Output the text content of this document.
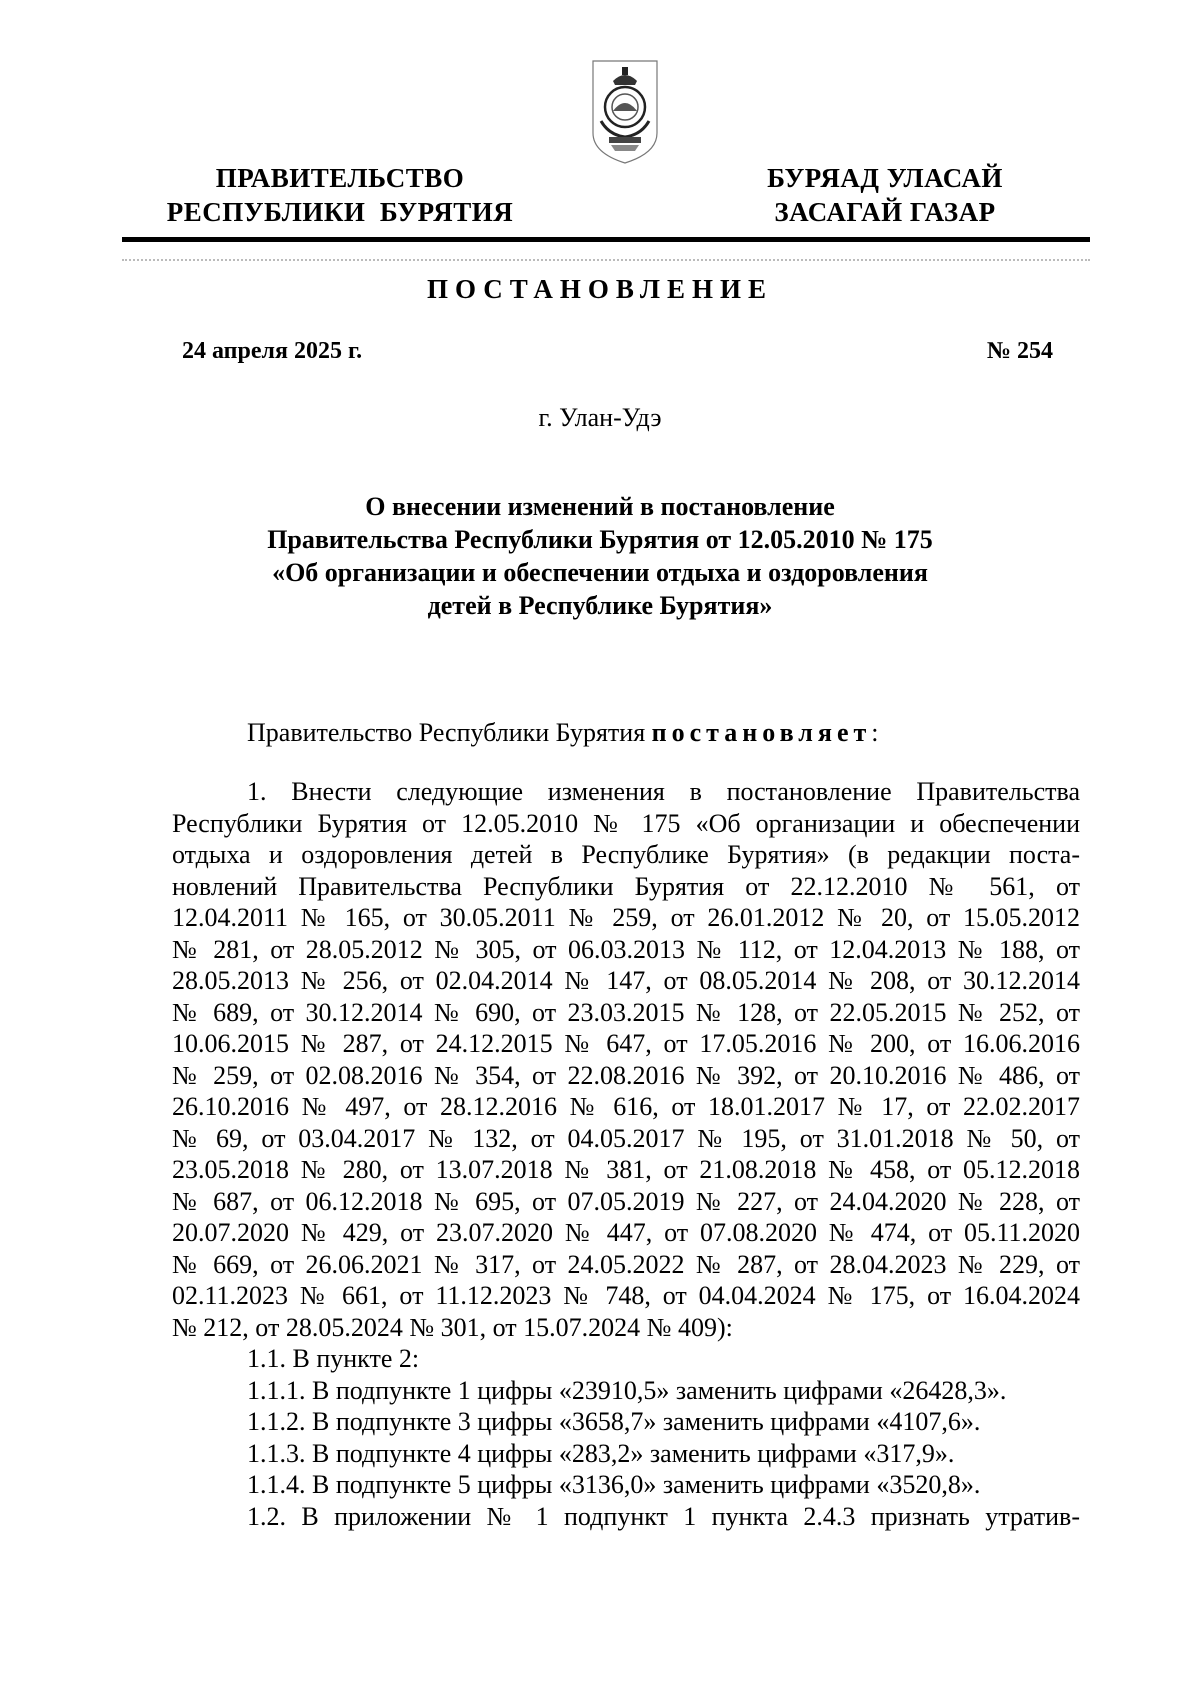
ПРАВИТЕЛЬСТВО
РЕСПУБЛИКИ  БУРЯТИЯ
БУРЯАД УЛАСАЙ
ЗАСАГАЙ ГАЗАР
ПОСТАНОВЛЕНИЕ
24 апреля 2025 г.	№ 254
г. Улан-Удэ
О внесении изменений в постановление
Правительства Республики Бурятия от 12.05.2010 № 175
«Об организации и обеспечении отдыха и оздоровления
детей в Республике Бурятия»
Правительство Республики Бурятия постановляет:
1. Внести следующие изменения в постановление Правительства
Республики Бурятия от 12.05.2010 № 175 «Об организации и обеспечении
отдыха и оздоровления детей в Республике Бурятия» (в редакции поста-
новлений Правительства Республики Бурятия от 22.12.2010 № 561, от
12.04.2011 № 165, от 30.05.2011 № 259, от 26.01.2012 № 20, от 15.05.2012
№ 281, от 28.05.2012 № 305, от 06.03.2013 № 112, от 12.04.2013 № 188, от
28.05.2013 № 256, от 02.04.2014 № 147, от 08.05.2014 № 208, от 30.12.2014
№ 689, от 30.12.2014 № 690, от 23.03.2015 № 128, от 22.05.2015 № 252, от
10.06.2015 № 287, от 24.12.2015 № 647, от 17.05.2016 № 200, от 16.06.2016
№ 259, от 02.08.2016 № 354, от 22.08.2016 № 392, от 20.10.2016 № 486, от
26.10.2016 № 497, от 28.12.2016 № 616, от 18.01.2017 № 17, от 22.02.2017
№ 69, от 03.04.2017 № 132, от 04.05.2017 № 195, от 31.01.2018 № 50, от
23.05.2018 № 280, от 13.07.2018 № 381, от 21.08.2018 № 458, от 05.12.2018
№ 687, от 06.12.2018 № 695, от 07.05.2019 № 227, от 24.04.2020 № 228, от
20.07.2020 № 429, от 23.07.2020 № 447, от 07.08.2020 № 474, от 05.11.2020
№ 669, от 26.06.2021 № 317, от 24.05.2022 № 287, от 28.04.2023 № 229, от
02.11.2023 № 661, от 11.12.2023 № 748, от 04.04.2024 № 175, от 16.04.2024
№ 212, от 28.05.2024 № 301, от 15.07.2024 № 409):
1.1. В пункте 2:
1.1.1. В подпункте 1 цифры «23910,5» заменить цифрами «26428,3».
1.1.2. В подпункте 3 цифры «3658,7» заменить цифрами «4107,6».
1.1.3. В подпункте 4 цифры «283,2» заменить цифрами «317,9».
1.1.4. В подпункте 5 цифры «3136,0» заменить цифрами «3520,8».
1.2. В приложении № 1 подпункт 1 пункта 2.4.3 признать утратив-
